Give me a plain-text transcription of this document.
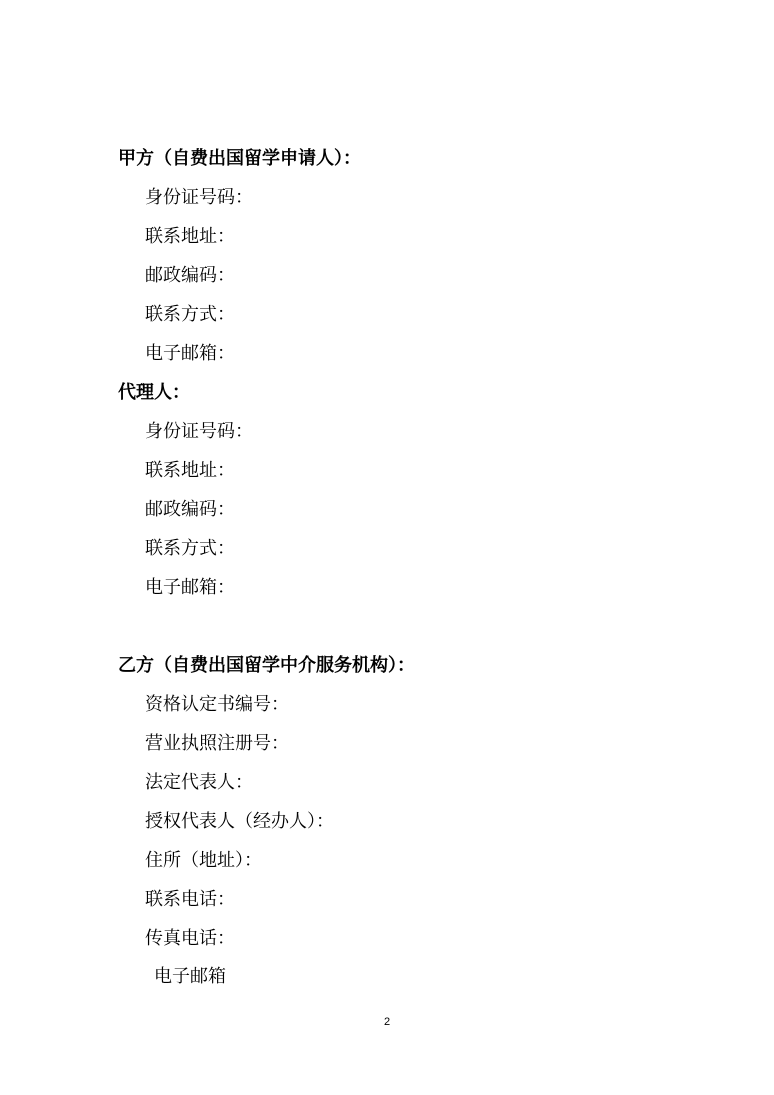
甲方（自费出国留学申请人）：
身份证号码：
联系地址：
邮政编码：
联系方式：
电子邮箱：
代理人：
身份证号码：
联系地址：
邮政编码：
联系方式：
电子邮箱：
乙方（自费出国留学中介服务机构）：
资格认定书编号：
营业执照注册号：
法定代表人：
授权代表人（经办人）：
住所（地址）：
联系电话：
传真电话：
电子邮箱
2
